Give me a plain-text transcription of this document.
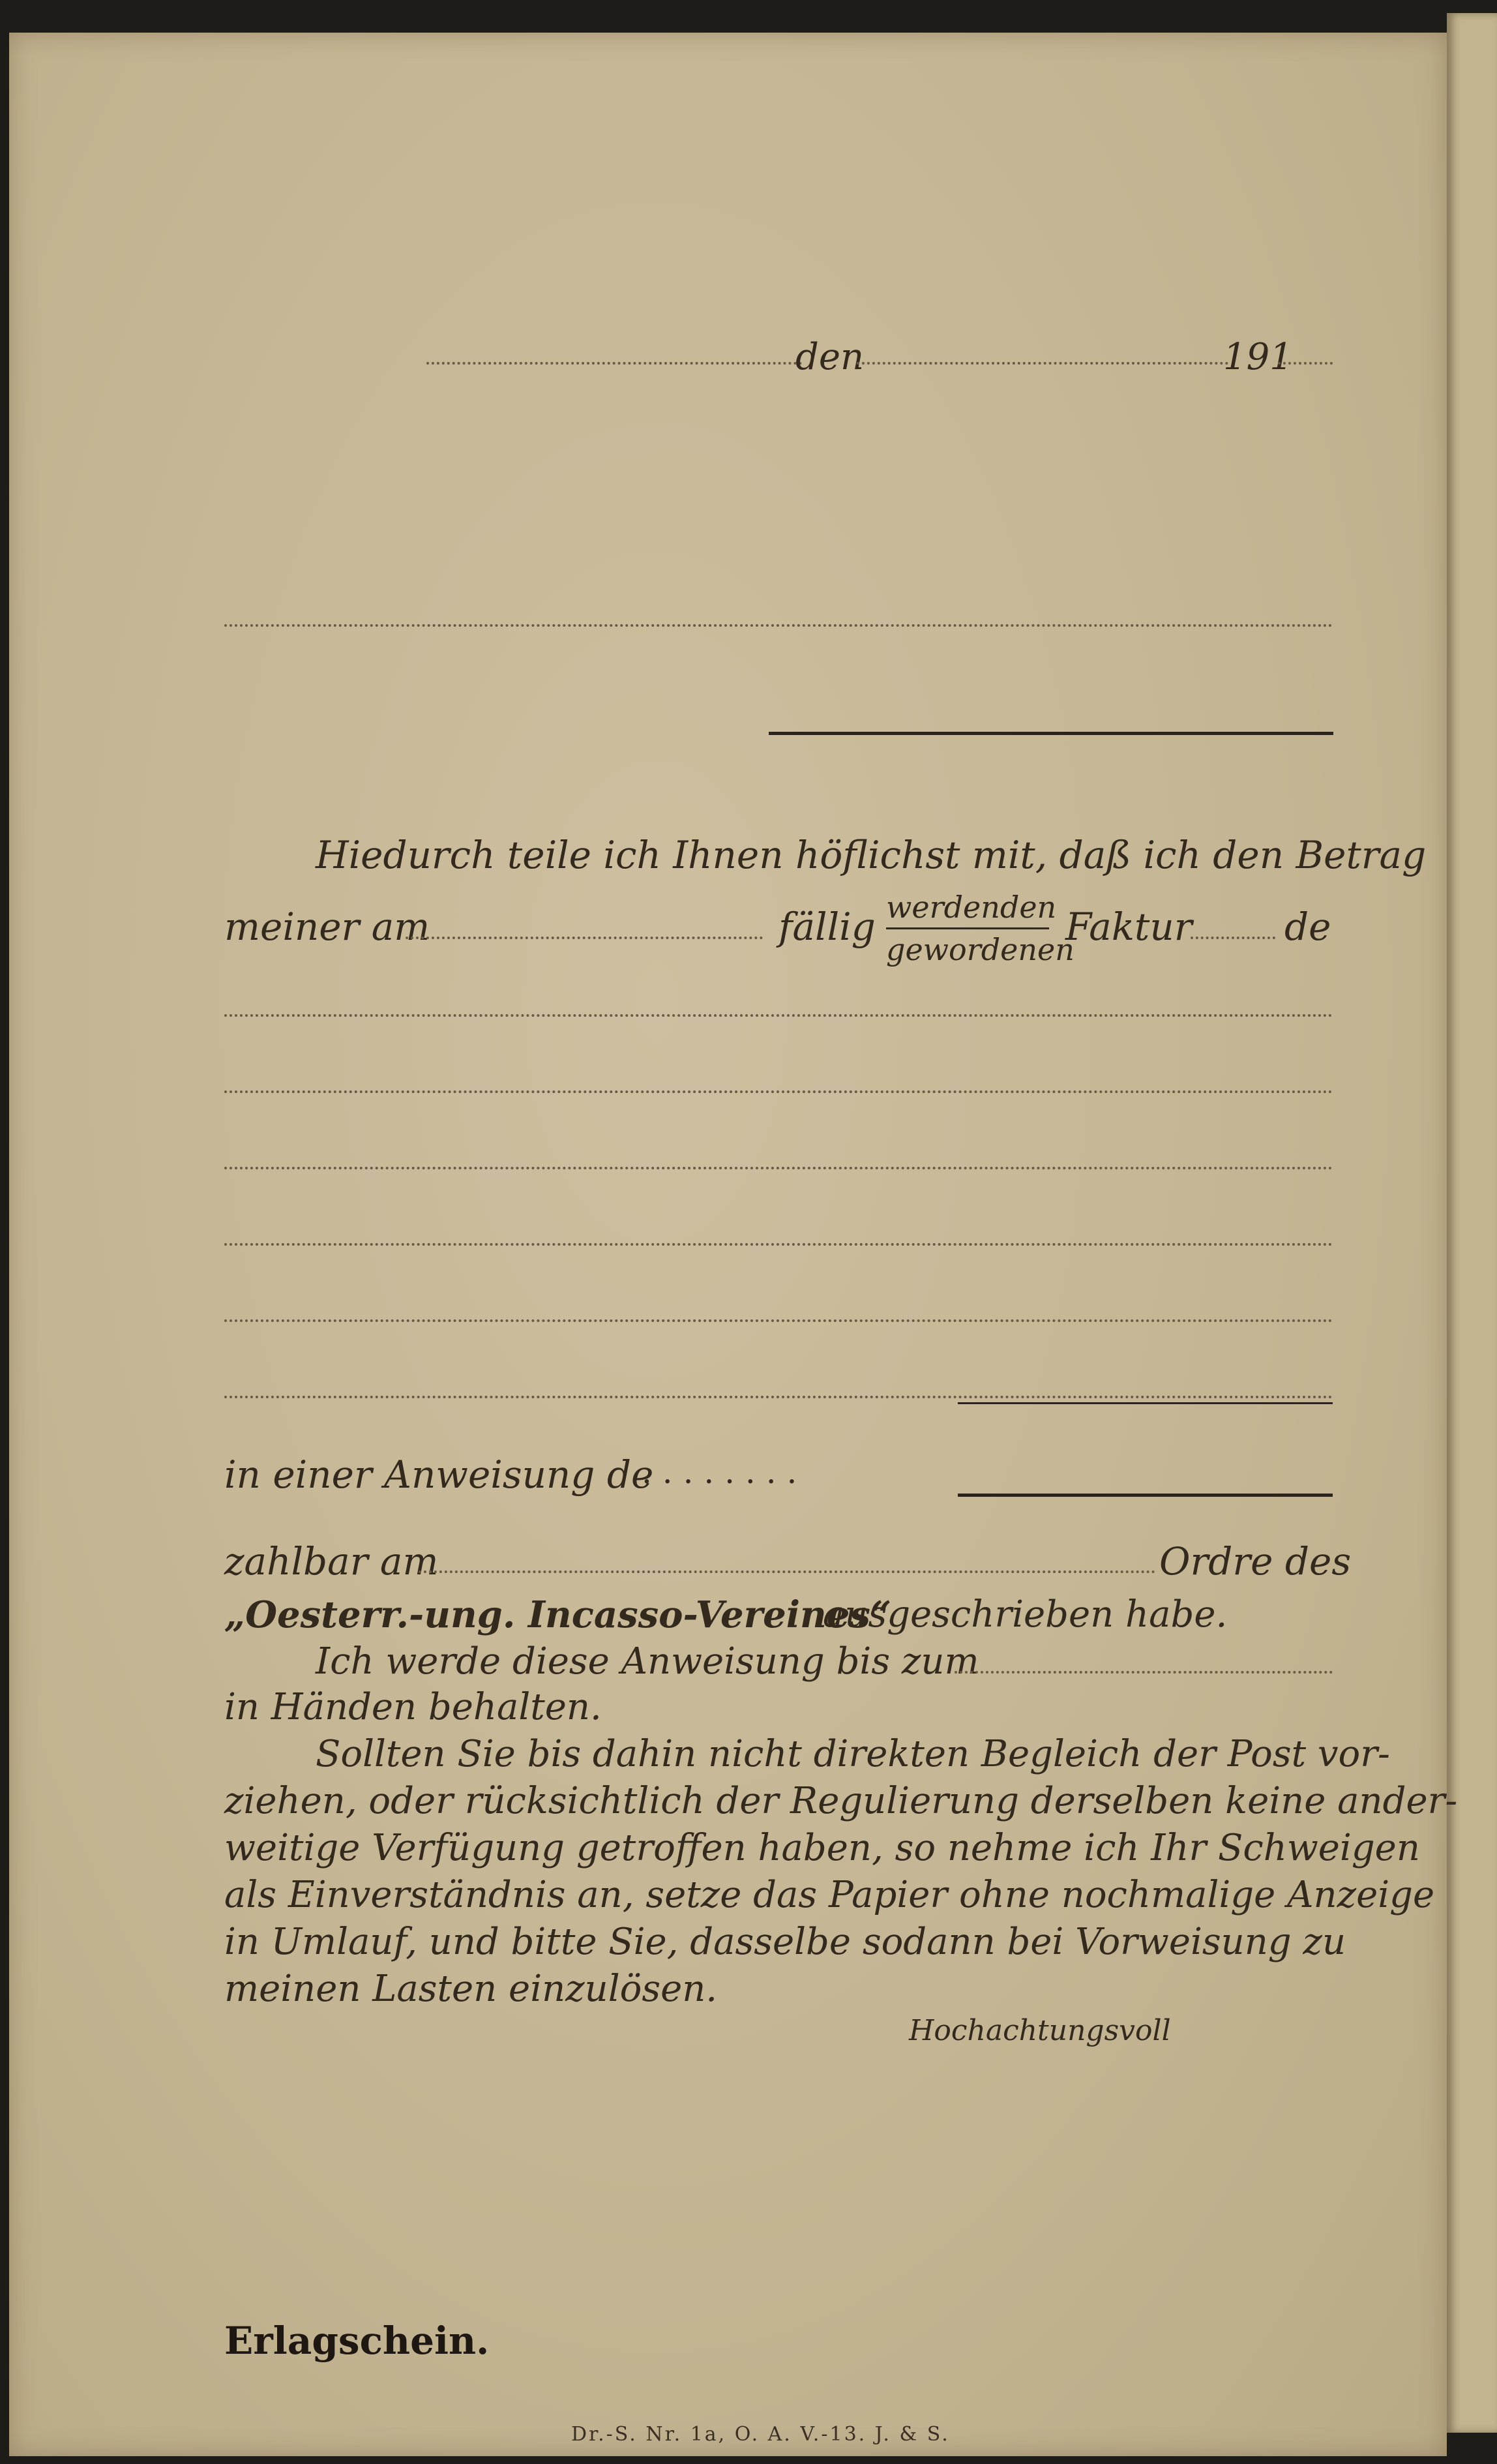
den	191
Hiedurch teile ich Ihnen höflichst mit, daß ich den Betrag
meiner am	fällig werdenden
gewordenen
Faktur de
in einer Anweisung de
. . . . . . . .
zahlbar am	Ordre des
„Oesterr.-ung. Incasso-Vereines“
ausgeschrieben habe.
Ich werde diese Anweisung bis zum
in Händen behalten.
Sollten Sie bis dahin nicht direkten Begleich der Post vor-
ziehen, oder rücksichtlich der Regulierung derselben keine ander-
weitige Verfügung getroffen haben, so nehme ich Ihr Schweigen
als Einverständnis an, setze das Papier ohne nochmalige Anzeige
in Umlauf, und bitte Sie, dasselbe sodann bei Vorweisung zu
meinen Lasten einzulösen.
Hochachtungsvoll
Erlagschein.
Dr.-S. Nr. 1a, O. A. V.-13. J. & S.
